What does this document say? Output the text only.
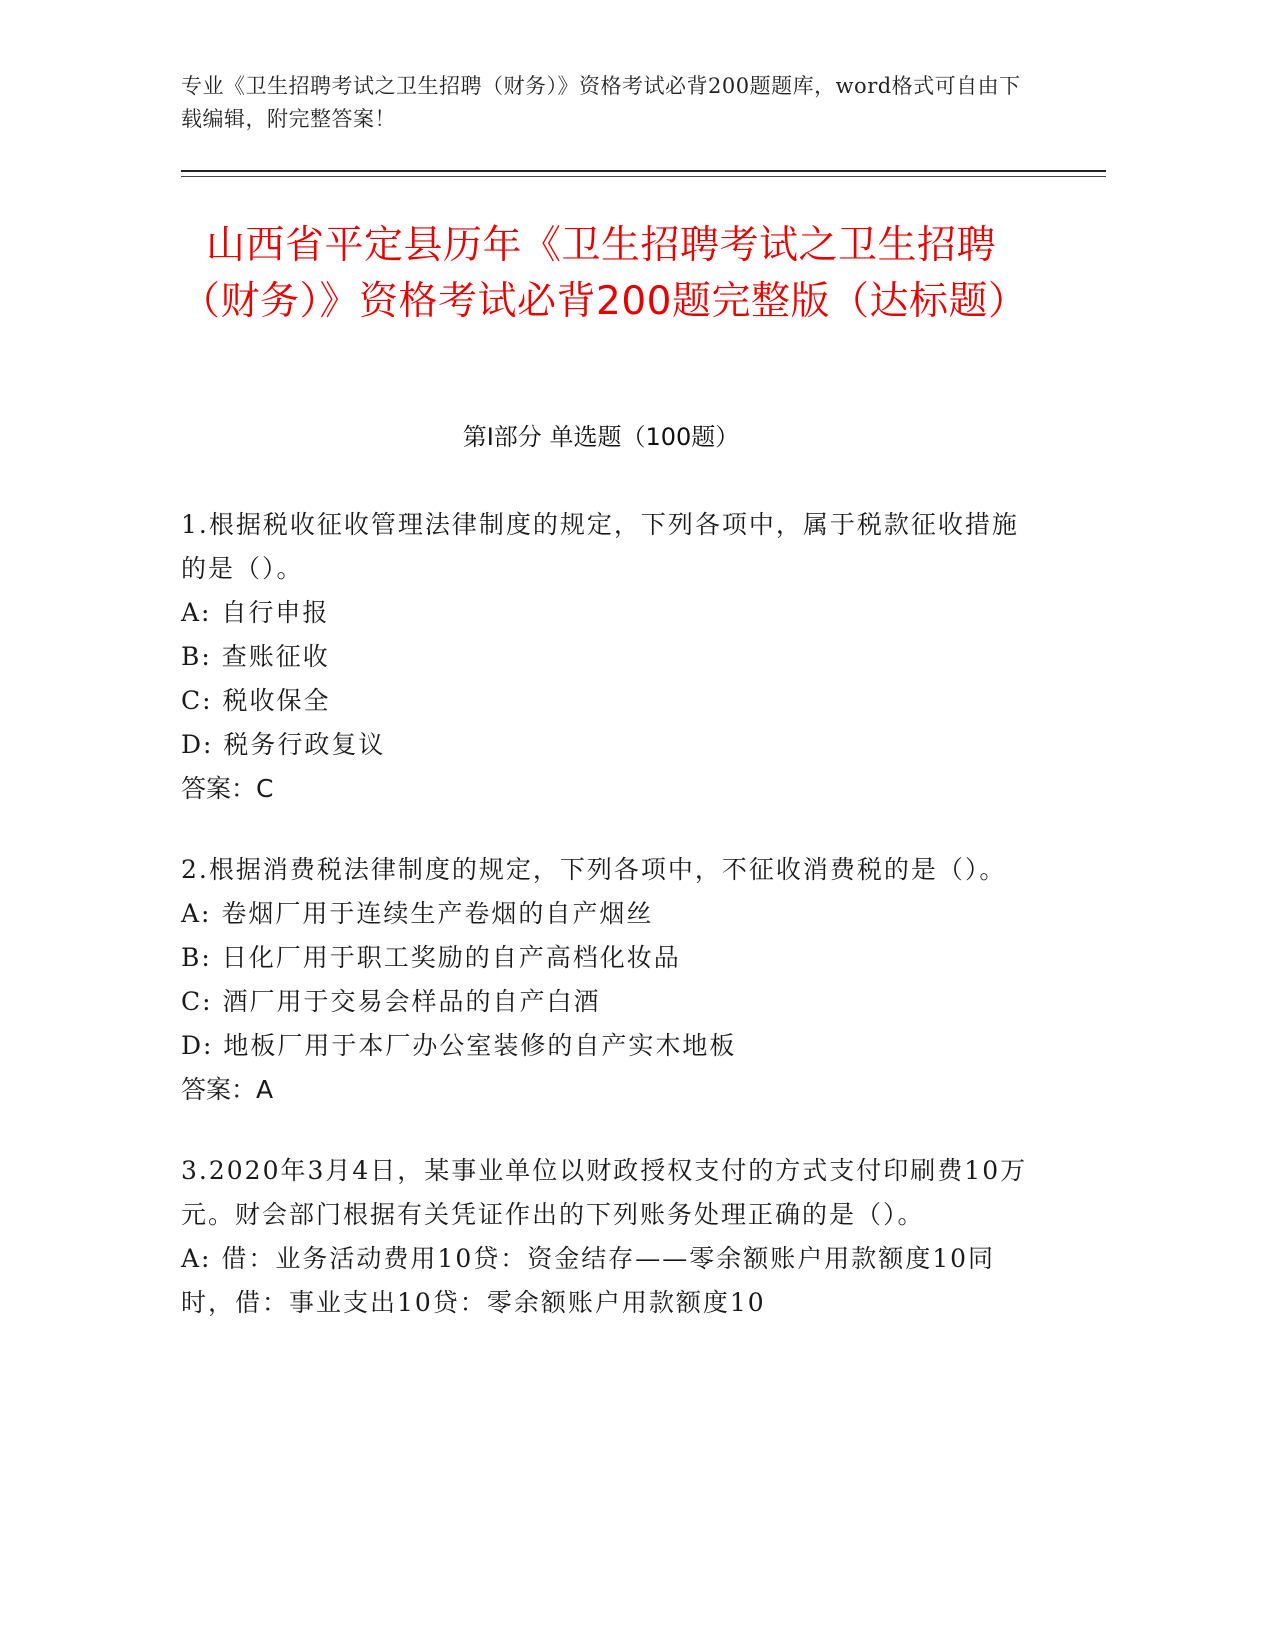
专业《卫生招聘考试之卫生招聘（财务）》资格考试必背200题题库，word格式可自由下载编辑，附完整答案！
山西省平定县历年《卫生招聘考试之卫生招聘（财务）》资格考试必背200题完整版（达标题）
第Ⅰ部分 单选题（100题）

1.根据税收征收管理法律制度的规定，下列各项中，属于税款征收措施的是（）。

A: 自行申报

B: 查账征收

C: 税收保全

D: 税务行政复议

答案：C

2.根据消费税法律制度的规定，下列各项中，不征收消费税的是（）。

A: 卷烟厂用于连续生产卷烟的自产烟丝

B: 日化厂用于职工奖励的自产高档化妆品

C: 酒厂用于交易会样品的自产白酒

D: 地板厂用于本厂办公室装修的自产实木地板

答案：A

3.2020年3月4日，某事业单位以财政授权支付的方式支付印刷费10万元。财会部门根据有关凭证作出的下列账务处理正确的是（）。

A: 借：业务活动费用10贷：资金结存——零余额账户用款额度10同时，借：事业支出10贷：零余额账户用款额度10
